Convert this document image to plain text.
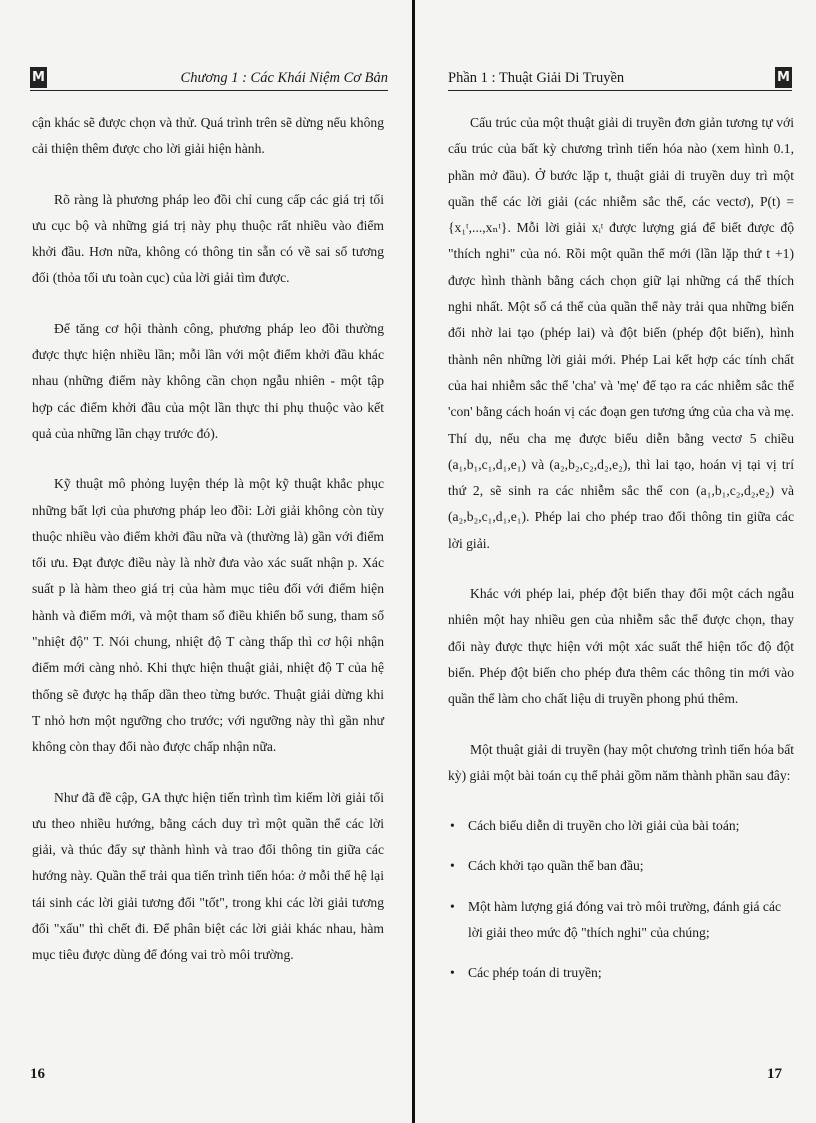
M	Chương 1 : Các Khái Niệm Cơ Bản

cận khác sẽ được chọn và thử. Quá trình trên sẽ dừng nếu không cải thiện thêm được cho lời giải hiện hành.

Rõ ràng là phương pháp leo đồi chỉ cung cấp các giá trị tối ưu cục bộ và những giá trị này phụ thuộc rất nhiều vào điểm khởi đầu. Hơn nữa, không có thông tin sẵn có về sai số tương đối (thỏa tối ưu toàn cục) của lời giải tìm được.

Để tăng cơ hội thành công, phương pháp leo đồi thường được thực hiện nhiều lần; mỗi lần với một điểm khởi đầu khác nhau (những điểm này không cần chọn ngẫu nhiên - một tập hợp các điểm khởi đầu của một lần thực thi phụ thuộc vào kết quả của những lần chạy trước đó).

Kỹ thuật mô phỏng luyện thép là một kỹ thuật khắc phục những bất lợi của phương pháp leo đồi: Lời giải không còn tùy thuộc nhiều vào điểm khởi đầu nữa và (thường là) gần với điểm tối ưu. Đạt được điều này là nhờ đưa vào xác suất nhận p. Xác suất p là hàm theo giá trị của hàm mục tiêu đối với điểm hiện hành và điểm mới, và một tham số điều khiển bổ sung, tham số "nhiệt độ" T. Nói chung, nhiệt độ T càng thấp thì cơ hội nhận điểm mới càng nhỏ. Khi thực hiện thuật giải, nhiệt độ T của hệ thống sẽ được hạ thấp dần theo từng bước. Thuật giải dừng khi T nhỏ hơn một ngưỡng cho trước; với ngưỡng này thì gần như không còn thay đổi nào được chấp nhận nữa.

Như đã đề cập, GA thực hiện tiến trình tìm kiếm lời giải tối ưu theo nhiều hướng, bằng cách duy trì một quần thể các lời giải, và thúc đẩy sự thành hình và trao đổi thông tin giữa các hướng này. Quần thể trải qua tiến trình tiến hóa: ở mỗi thế hệ lại tái sinh các lời giải tương đối "tốt", trong khi các lời giải tương đối "xấu" thì chết đi. Để phân biệt các lời giải khác nhau, hàm mục tiêu được dùng để đóng vai trò môi trường.

16
Phần 1 : Thuật Giải Di Truyền	M

Cấu trúc của một thuật giải di truyền đơn giản tương tự với cấu trúc của bất kỳ chương trình tiến hóa nào (xem hình 0.1, phần mở đầu). Ở bước lặp t, thuật giải di truyền duy trì một quần thể các lời giải (các nhiễm sắc thể, các vectơ), P(t) = {x₁ᵗ,...,xₙᵗ}. Mỗi lời giải xᵢᵗ được lượng giá để biết được độ "thích nghi" của nó. Rồi một quần thể mới (lần lặp thứ t +1) được hình thành bằng cách chọn giữ lại những cá thể thích nghi nhất. Một số cá thể của quần thể này trải qua những biến đổi nhờ lai tạo (phép lai) và đột biến (phép đột biến), hình thành nên những lời giải mới. Phép Lai kết hợp các tính chất của hai nhiễm sắc thể 'cha' và 'mẹ' để tạo ra các nhiễm sắc thể 'con' bằng cách hoán vị các đoạn gen tương ứng của cha và mẹ. Thí dụ, nếu cha mẹ được biểu diễn bằng vectơ 5 chiều (a₁,b₁,c₁,d₁,e₁) và (a₂,b₂,c₂,d₂,e₂), thì lai tạo, hoán vị tại vị trí thứ 2, sẽ sinh ra các nhiễm sắc thể con (a₁,b₁,c₂,d₂,e₂) và (a₂,b₂,c₁,d₁,e₁). Phép lai cho phép trao đổi thông tin giữa các lời giải.

Khác với phép lai, phép đột biến thay đổi một cách ngẫu nhiên một hay nhiều gen của nhiễm sắc thể được chọn, thay đổi này được thực hiện với một xác suất thể hiện tốc độ đột biến. Phép đột biến cho phép đưa thêm các thông tin mới vào quần thể làm cho chất liệu di truyền phong phú thêm.

Một thuật giải di truyền (hay một chương trình tiến hóa bất kỳ) giải một bài toán cụ thể phải gồm năm thành phần sau đây:

• Cách biểu diễn di truyền cho lời giải của bài toán;
• Cách khởi tạo quần thể ban đầu;
• Một hàm lượng giá đóng vai trò môi trường, đánh giá các lời giải theo mức độ "thích nghi" của chúng;
• Các phép toán di truyền;
17
